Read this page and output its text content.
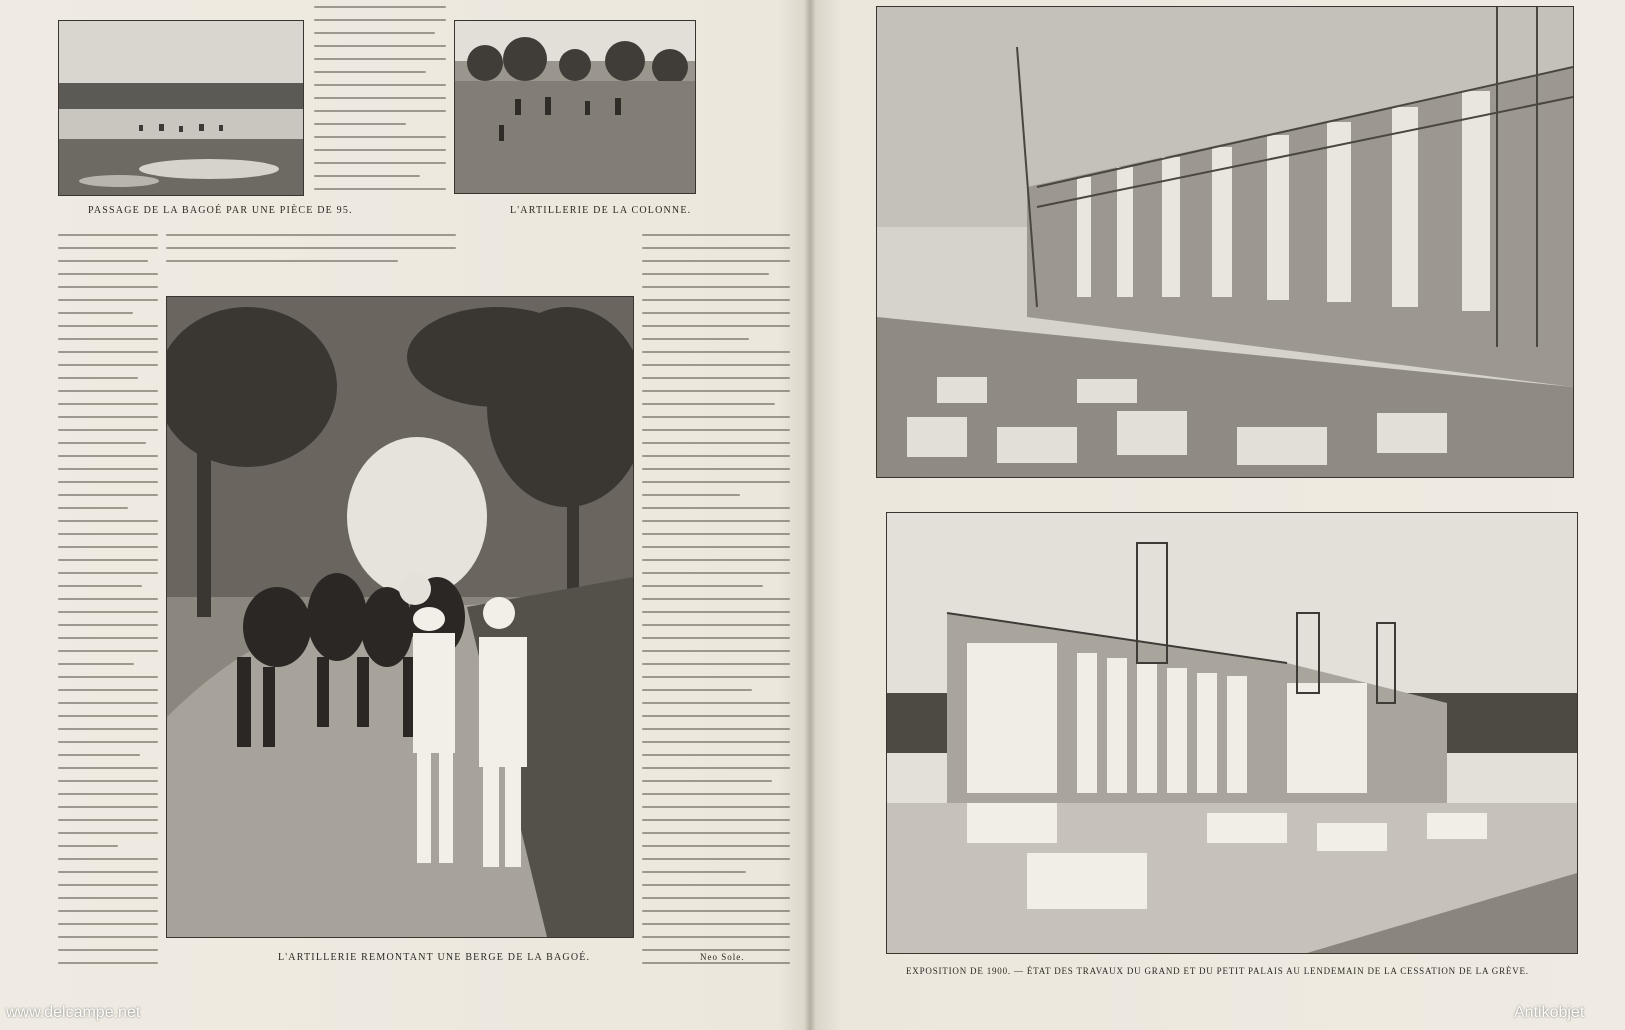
PASSAGE DE LA BAGOÉ PAR UNE PIÈCE DE 95.	L'ARTILLERIE DE LA COLONNE.
L'ARTILLERIE REMONTANT UNE BERGE DE LA BAGOÉ.	Neo Sole.
www.delcampe.net
EXPOSITION DE 1900. — ÉTAT DES TRAVAUX DU GRAND ET DU PETIT PALAIS AU LENDEMAIN DE LA CESSATION DE LA GRÈVE.
Antikobjet
